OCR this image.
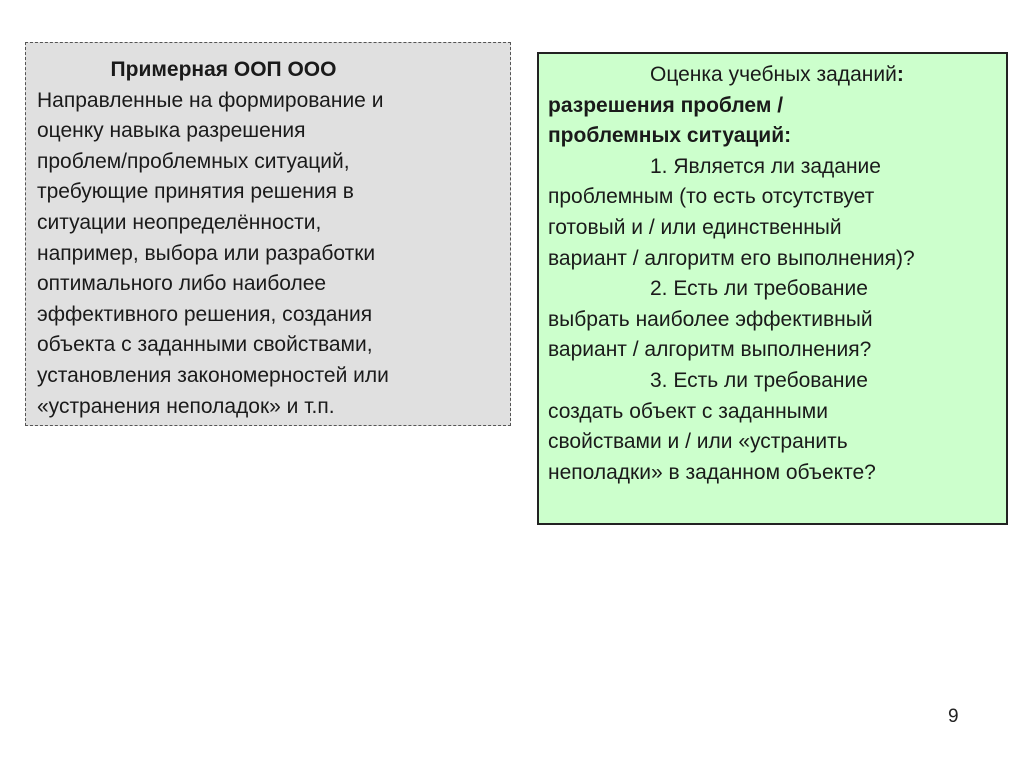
Примерная ООП ООО

Направленные на формирование и
оценку навыка разрешения
проблем/проблемных ситуаций,
требующие принятия решения в
ситуации неопределённости,
например, выбора или разработки
оптимального либо наиболее
эффективного решения, создания
объекта с заданными свойствами,
установления закономерностей или
«устранения неполадок» и т.п.

Оценка учебных заданий:

разрешения проблем /
проблемных ситуаций:

1. Является ли задание

проблемным (то есть отсутствует
готовый и / или единственный
вариант / алгоритм его выполнения)?

2. Есть ли требование

выбрать наиболее эффективный
вариант / алгоритм выполнения?

3. Есть ли требование

создать объект с заданными
свойствами и / или «устранить
неполадки» в заданном объекте?

9
